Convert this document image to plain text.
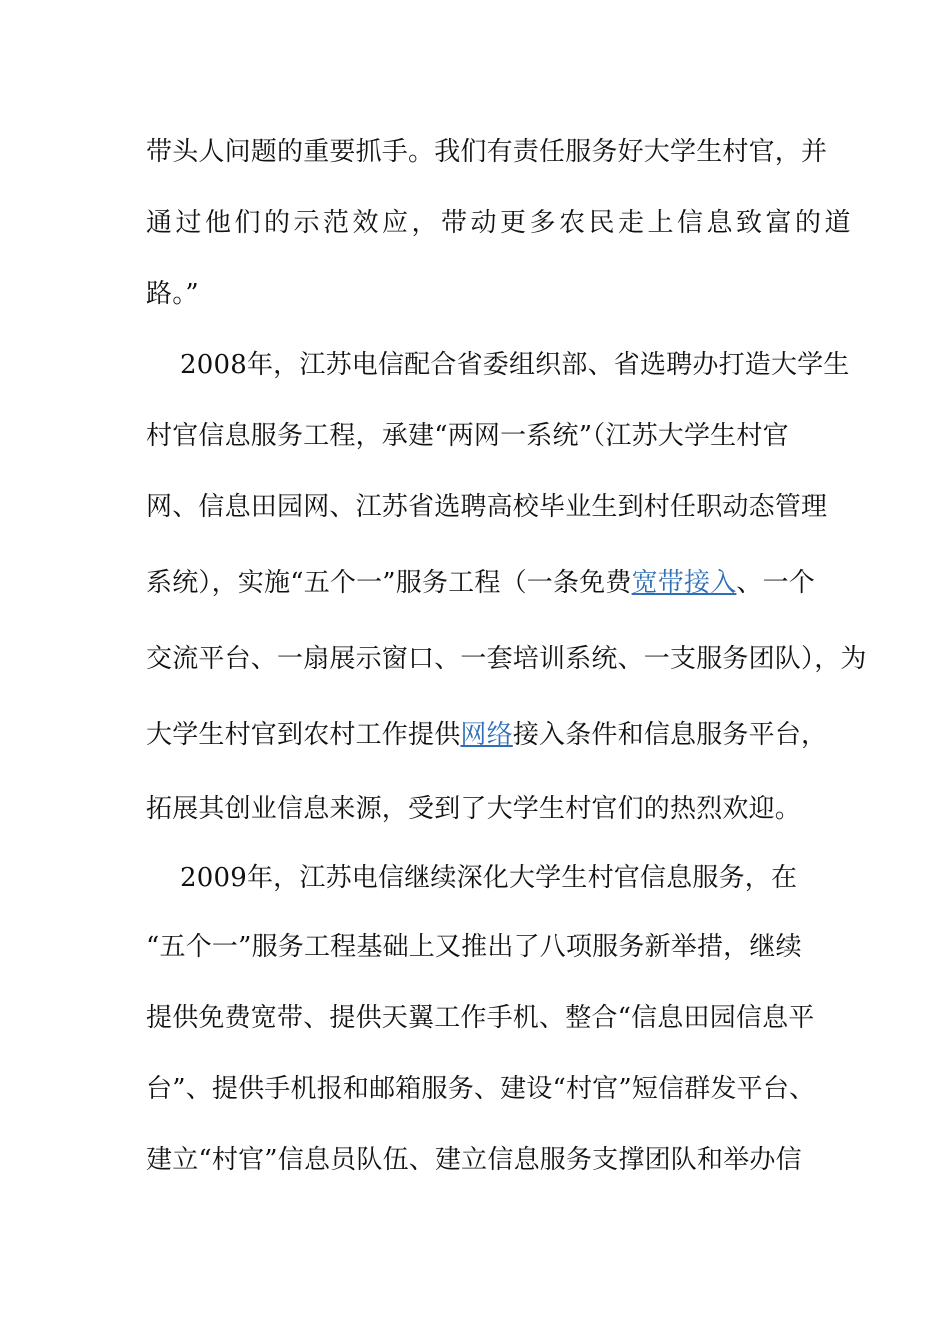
带头人问题的重要抓手。我们有责任服务好大学生村官，并
通过他们的示范效应，带动更多农民走上信息致富的道
路。”
2008年，江苏电信配合省委组织部、省选聘办打造大学生
村官信息服务工程，承建“两网一系统”（江苏大学生村官
网、信息田园网、江苏省选聘高校毕业生到村任职动态管理
系统），实施“五个一”服务工程（一条免费宽带接入、一个
交流平台、一扇展示窗口、一套培训系统、一支服务团队），为
大学生村官到农村工作提供网络接入条件和信息服务平台，
拓展其创业信息来源，受到了大学生村官们的热烈欢迎。
2009年，江苏电信继续深化大学生村官信息服务，在
“五个一”服务工程基础上又推出了八项服务新举措，继续
提供免费宽带、提供天翼工作手机、整合“信息田园信息平
台”、提供手机报和邮箱服务、建设“村官”短信群发平台、
建立“村官”信息员队伍、建立信息服务支撑团队和举办信
